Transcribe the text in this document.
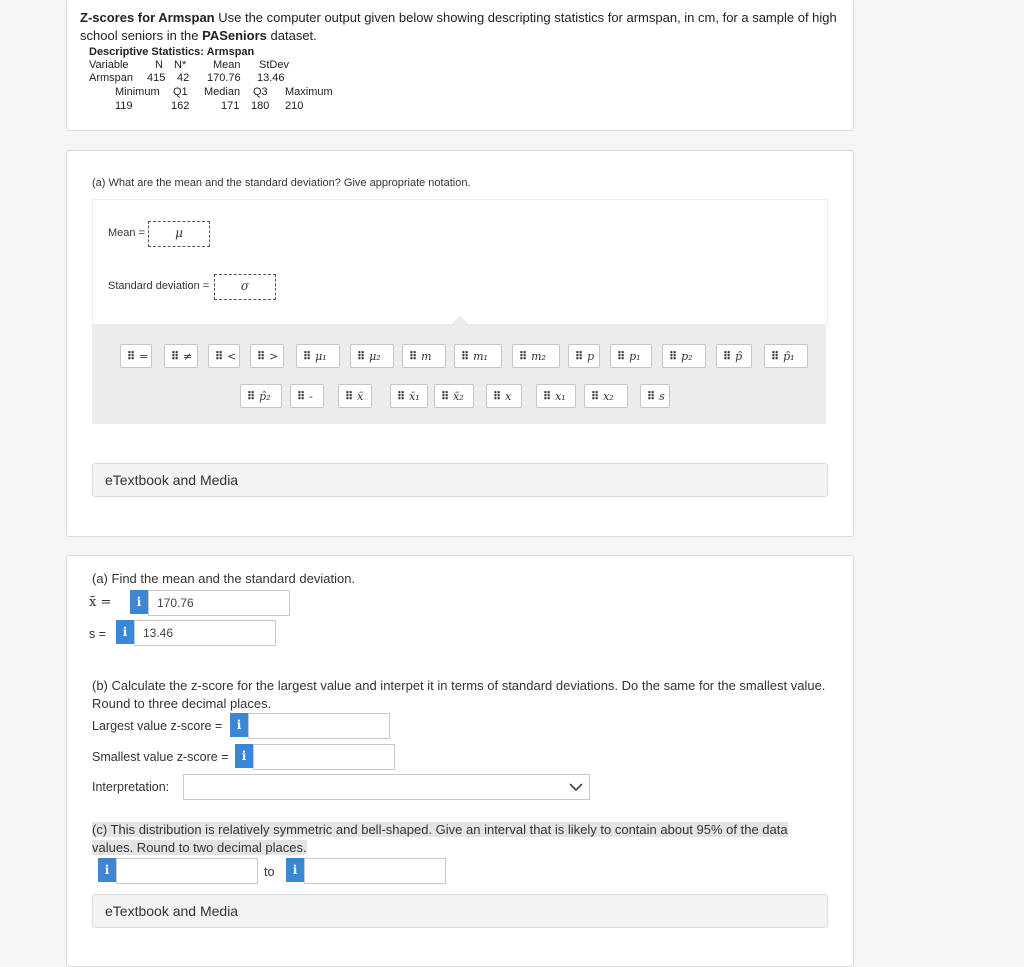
Z-scores for Armspan Use the computer output given below showing descripting statistics for armspan, in cm, for a sample of high school seniors in the PASeniors dataset.
Descriptive Statistics: Armspan
Variable N N* Mean StDev
Armspan 415 42 170.76 13.46
Minimum Q1 Median Q3 Maximum
119	162	171 180 210
(a) What are the mean and the standard deviation? Give appropriate notation.
Mean =	μ
Standard deviation =	σ
⠿ =	⠿ ≠	⠿ <	⠿ >	⠿ μ₁	⠿ μ₂	⠿ m	⠿ m₁	⠿ m₂	⠿ p	⠿ p₁	⠿ p₂	⠿ p̂	⠿ p̂₁
⠿ p̂₂	⠿ -	⠿ x̄	⠿ x̄₁	⠿ x̄₂	⠿ x	⠿ x₁	⠿ x₂	⠿ s
eTextbook and Media
(a) Find the mean and the standard deviation.
x̄ =	i	170.76
s =	i	13.46
(b) Calculate the z-score for the largest value and interpet it in terms of standard deviations. Do the same for the smallest value. Round to three decimal places.
Largest value z-score =	i
Smallest value z-score =	i
Interpretation:
(c) This distribution is relatively symmetric and bell-shaped. Give an interval that is likely to contain about 95% of the data values. Round to two decimal places.
i	to	i
eTextbook and Media
